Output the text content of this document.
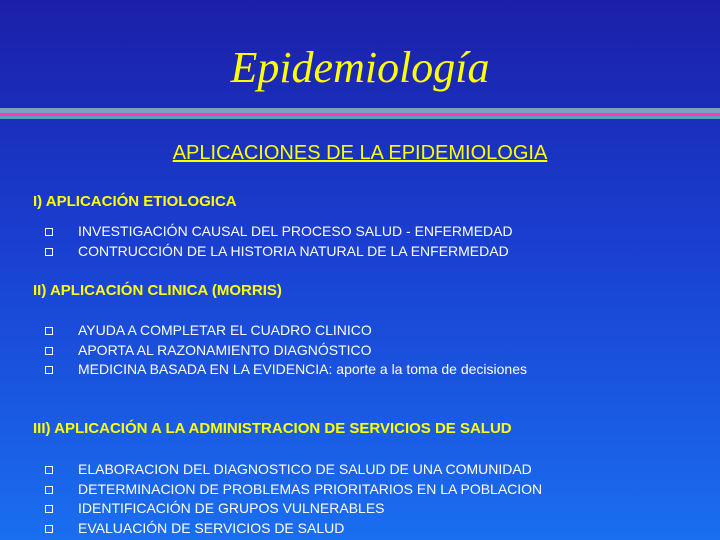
Epidemiología
APLICACIONES DE LA EPIDEMIOLOGIA
I) APLICACIÓN ETIOLOGICA
INVESTIGACIÓN CAUSAL DEL PROCESO SALUD - ENFERMEDAD
CONTRUCCIÓN DE LA HISTORIA NATURAL DE LA ENFERMEDAD
II) APLICACIÓN CLINICA (MORRIS)
AYUDA A COMPLETAR EL CUADRO CLINICO
APORTA AL RAZONAMIENTO DIAGNÓSTICO
MEDICINA BASADA EN LA EVIDENCIA: aporte a la toma de decisiones
III) APLICACIÓN A LA ADMINISTRACION DE SERVICIOS DE SALUD
ELABORACION DEL DIAGNOSTICO DE SALUD DE UNA COMUNIDAD
DETERMINACION DE PROBLEMAS PRIORITARIOS EN LA POBLACION
IDENTIFICACIÓN DE GRUPOS VULNERABLES
EVALUACIÓN DE SERVICIOS DE SALUD
